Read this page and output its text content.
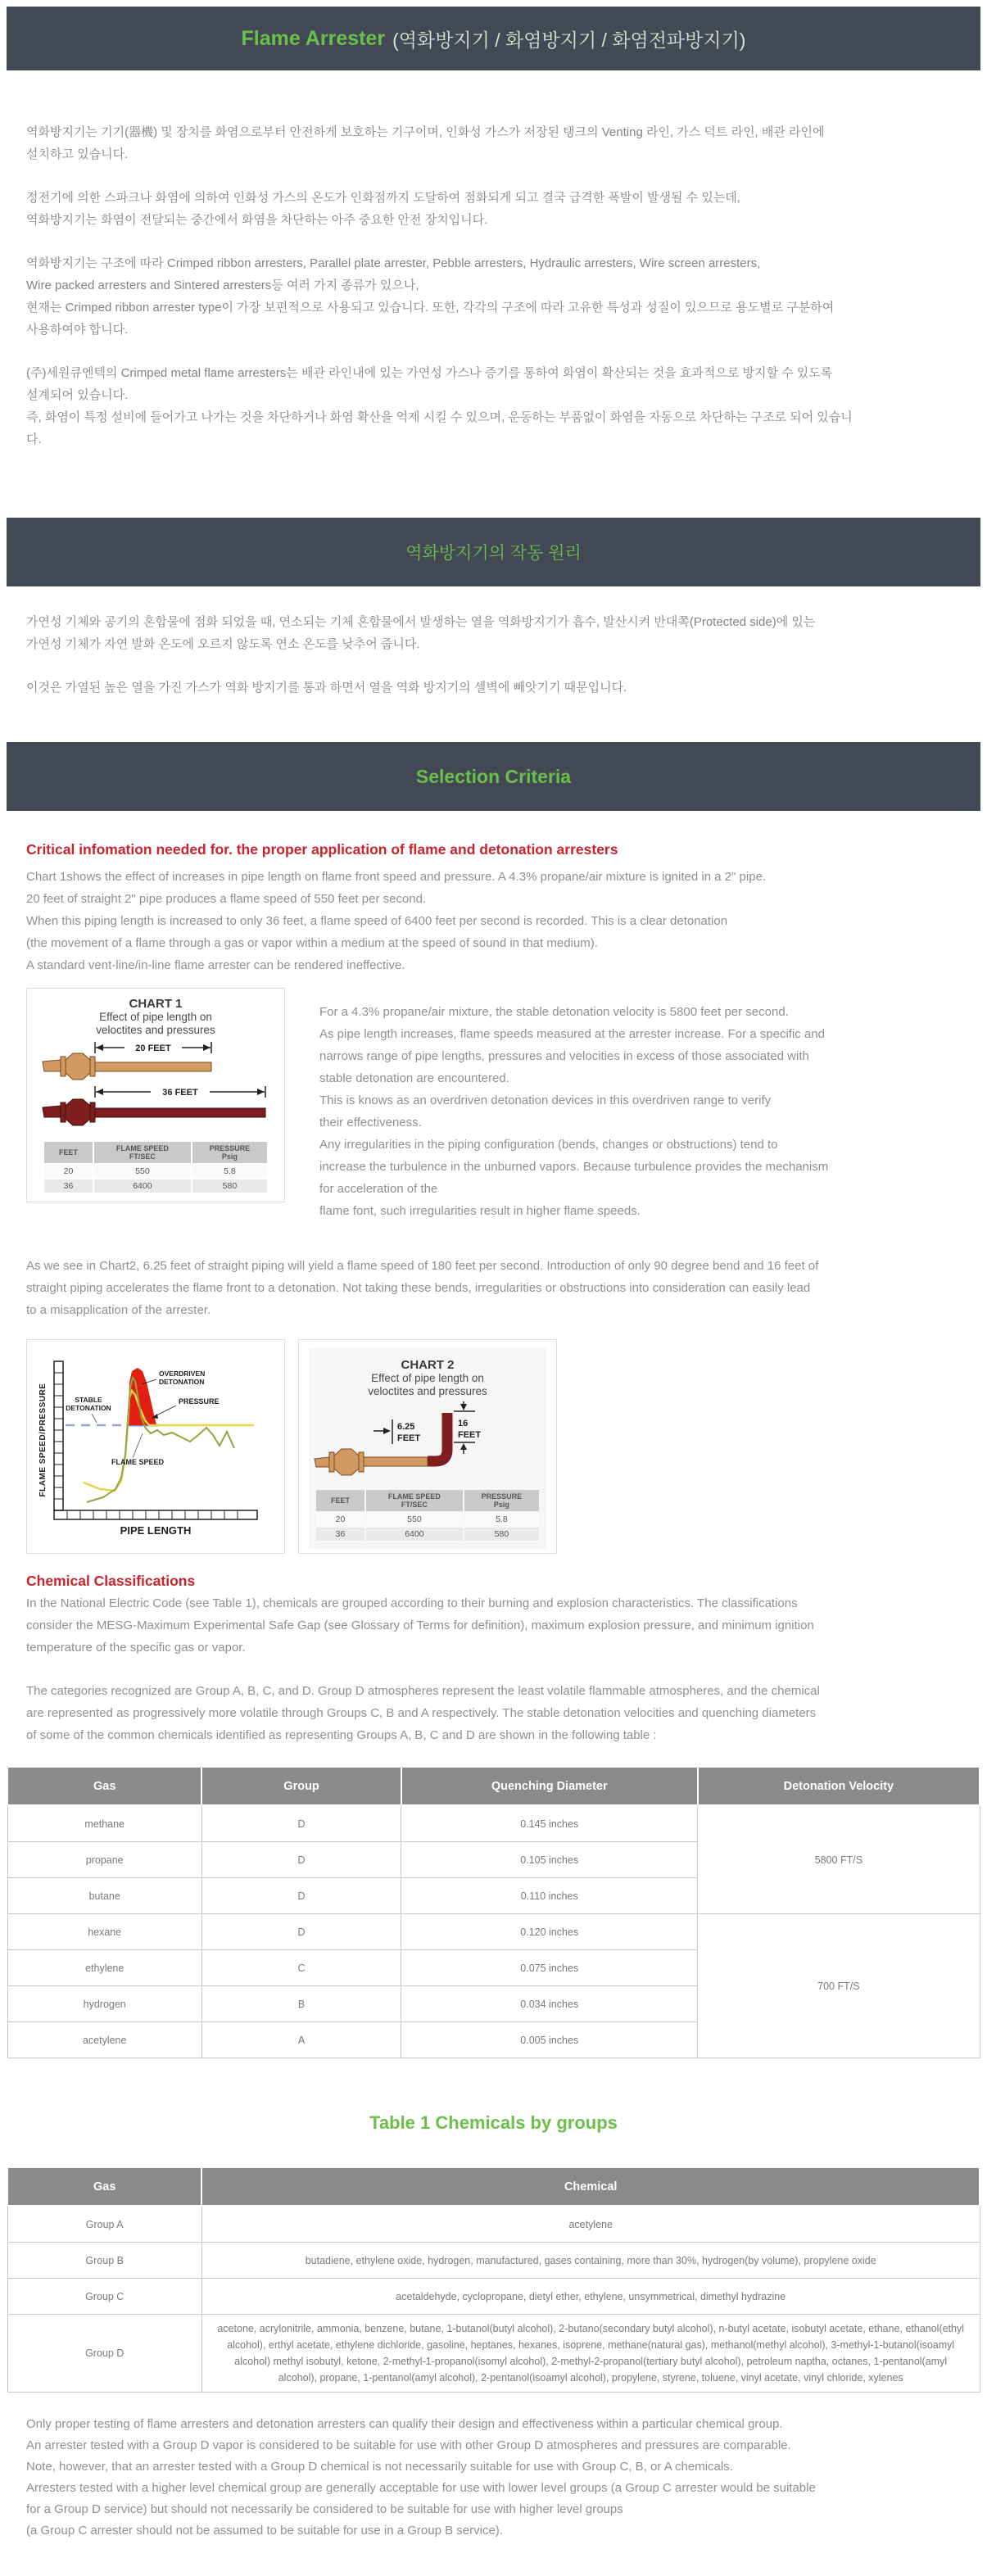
Flame Arrester (역화방지기 / 화염방지기 / 화염전파방지기)

역화방지기는 기기(器機) 및 장치를 화염으로부터 안전하게 보호하는 기구이며, 인화성 가스가 저장된 탱크의 Venting 라인, 가스 덕트 라인, 배관 라인에
설치하고 있습니다.

정전기에 의한 스파크나 화염에 의하여 인화성 가스의 온도가 인화점까지 도달하여 점화되게 되고 결국 급격한 폭발이 발생될 수 있는데,
역화방지기는 화염이 전달되는 중간에서 화염을 차단하는 아주 중요한 안전 장치입니다.

역화방지기는 구조에 따라 Crimped ribbon arresters, Parallel plate arrester, Pebble arresters, Hydraulic arresters, Wire screen arresters,
Wire packed arresters and Sintered arresters등 여러 가지 종류가 있으나,
현재는 Crimped ribbon arrester type이 가장 보편적으로 사용되고 있습니다. 또한, 각각의 구조에 따라 고유한 특성과 성질이 있으므로 용도별로 구분하여
사용하여야 합니다.

(주)세원큐엔텍의 Crimped metal flame arresters는 배관 라인내에 있는 가연성 가스나 증기를 통하여 화염이 확산되는 것을 효과적으로 방지할 수 있도록
설계되어 있습니다.
즉, 화염이 특정 설비에 들어가고 나가는 것을 차단하거나 화염 확산을 억제 시킬 수 있으며, 운동하는 부품없이 화염을 자동으로 차단하는 구조로 되어 있습니
다.

역화방지기의 작동 원리

가연성 기체와 공기의 혼합물에 점화 되었을 때, 연소되는 기체 혼합물에서 발생하는 열을 역화방지기가 흡수, 발산시켜 반대쪽(Protected side)에 있는
가연성 기체가 자연 발화 온도에 오르지 않도록 연소 온도를 낮추어 줍니다.

이것은 가열된 높은 열을 가진 가스가 역화 방지기를 통과 하면서 열을 역화 방지기의 셀벽에 빼앗기기 때문입니다.

Selection Criteria
Critical infomation needed for. the proper application of flame and detonation arresters
Chart 1shows the effect of increases in pipe length on flame front speed and pressure. A 4.3% propane/air mixture is ignited in a 2" pipe.
20 feet of straight 2" pipe produces a flame speed of 550 feet per second.
When this piping length is increased to only 36 feet, a flame speed of 6400 feet per second is recorded. This is a clear detonation
(the movement of a flame through a gas or vapor within a medium at the speed of sound in that medium).
A standard vent-line/in-line flame arrester can be rendered ineffective.
CHART 1
Effect of pipe length on
veloctites and pressures
20 FEET
36 FEET
FEET	FLAME SPEED
FT/SEC	PRESSURE
Psig

20	550	5.8
36	6400	580
For a 4.3% propane/air mixture, the stable detonation velocity is 5800 feet per second.
As pipe length increases, flame speeds measured at the arrester increase. For a specific and
narrows range of pipe lengths, pressures and velocities in excess of those associated with
stable detonation are encountered.
This is knows as an overdriven detonation devices in this overdriven range to verify
their effectiveness.
Any irregularities in the piping configuration (bends, changes or obstructions) tend to
increase the turbulence in the unburned vapors. Because turbulence provides the mechanism
for acceleration of the
flame font, such irregularities result in higher flame speeds.
As we see in Chart2, 6.25 feet of straight piping will yield a flame speed of 180 feet per second. Introduction of only 90 degree bend and 16 feet of
straight piping accelerates the flame front to a detonation. Not taking these bends, irregularities or obstructions into consideration can easily lead
to a misapplication of the arrester.
FLAME SPEED/PRESSURE
PIPE LENGTH
STABLE
DETONATION
OVERDRIVEN
DETONATION
PRESSURE
FLAME SPEED
CHART 2
Effect of pipe length on
veloctites and pressures
6.25
FEET
16
FEET
FEET	FLAME SPEED
FT/SEC	PRESSURE
Psig

20	550	5.8
36	6400	580
Chemical Classifications
In the National Electric Code (see Table 1), chemicals are grouped according to their burning and explosion characteristics. The classifications
consider the MESG-Maximum Experimental Safe Gap (see Glossary of Terms for definition), maximum explosion pressure, and minimum ignition
temperature of the specific gas or vapor.
The categories recognized are Group A, B, C, and D. Group D atmospheres represent the least volatile flammable atmospheres, and the chemical
are represented as progressively more volatile through Groups C, B and A respectively. The stable detonation velocities and quenching diameters
of some of the common chemicals identified as representing Groups A, B, C and D are shown in the following table :
Gas	Group	Quenching Diameter	Detonation Velocity
methane	D	0.145 inches	5800 FT/S
propane	D	0.105 inches	
butane	D	0.110 inches	
hexane	D	0.120 inches	700 FT/S
ethylene	C	0.075 inches	
hydrogen	B	0.034 inches	
acetylene	A	0.005 inches	
Table 1 Chemicals by groups
Gas	Chemical
Group A	acetylene
Group B	butadiene, ethylene oxide, hydrogen, manufactured, gases containing, more than 30%, hydrogen(by volume), propylene oxide
Group C	acetaldehyde, cyclopropane, dietyl ether, ethylene, unsymmetrical, dimethyl hydrazine
Group D	acetone, acrylonitrile, ammonia, benzene, butane, 1-butanol(butyl alcohol), 2-butano(secondary butyl alcohol), n-butyl acetate, isobutyl acetate, ethane, ethanol(ethyl alcohol), erthyl acetate, ethylene dichloride, gasoline, heptanes, hexanes, isoprene, methane(natural gas), methanol(methyl alcohol), 3-methyl-1-butanol(isoamyl alcohol) methyl isobutyl, ketone, 2-methyl-1-propanol(isomyl alcohol), 2-methyl-2-propanol(tertiary butyl alcohol), petroleum naptha, octanes, 1-pentanol(amyl alcohol), propane, 1-pentanol(amyl alcohol), 2-pentanol(isoamyl alcohol), propylene, styrene, toluene, vinyl acetate, vinyl chloride, xylenes
Only proper testing of flame arresters and detonation arresters can qualify their design and effectiveness within a particular chemical group.
An arrester tested with a Group D vapor is considered to be suitable for use with other Group D atmospheres and pressures are comparable.
Note, however, that an arrester tested with a Group D chemical is not necessarily suitable for use with Group C, B, or A chemicals.
Arresters tested with a higher level chemical group are generally acceptable for use with lower level groups (a Group C arrester would be suitable
for a Group D service) but should not necessarily be considered to be suitable for use with higher level groups
(a Group C arrester should not be assumed to be suitable for use in a Group B service).
